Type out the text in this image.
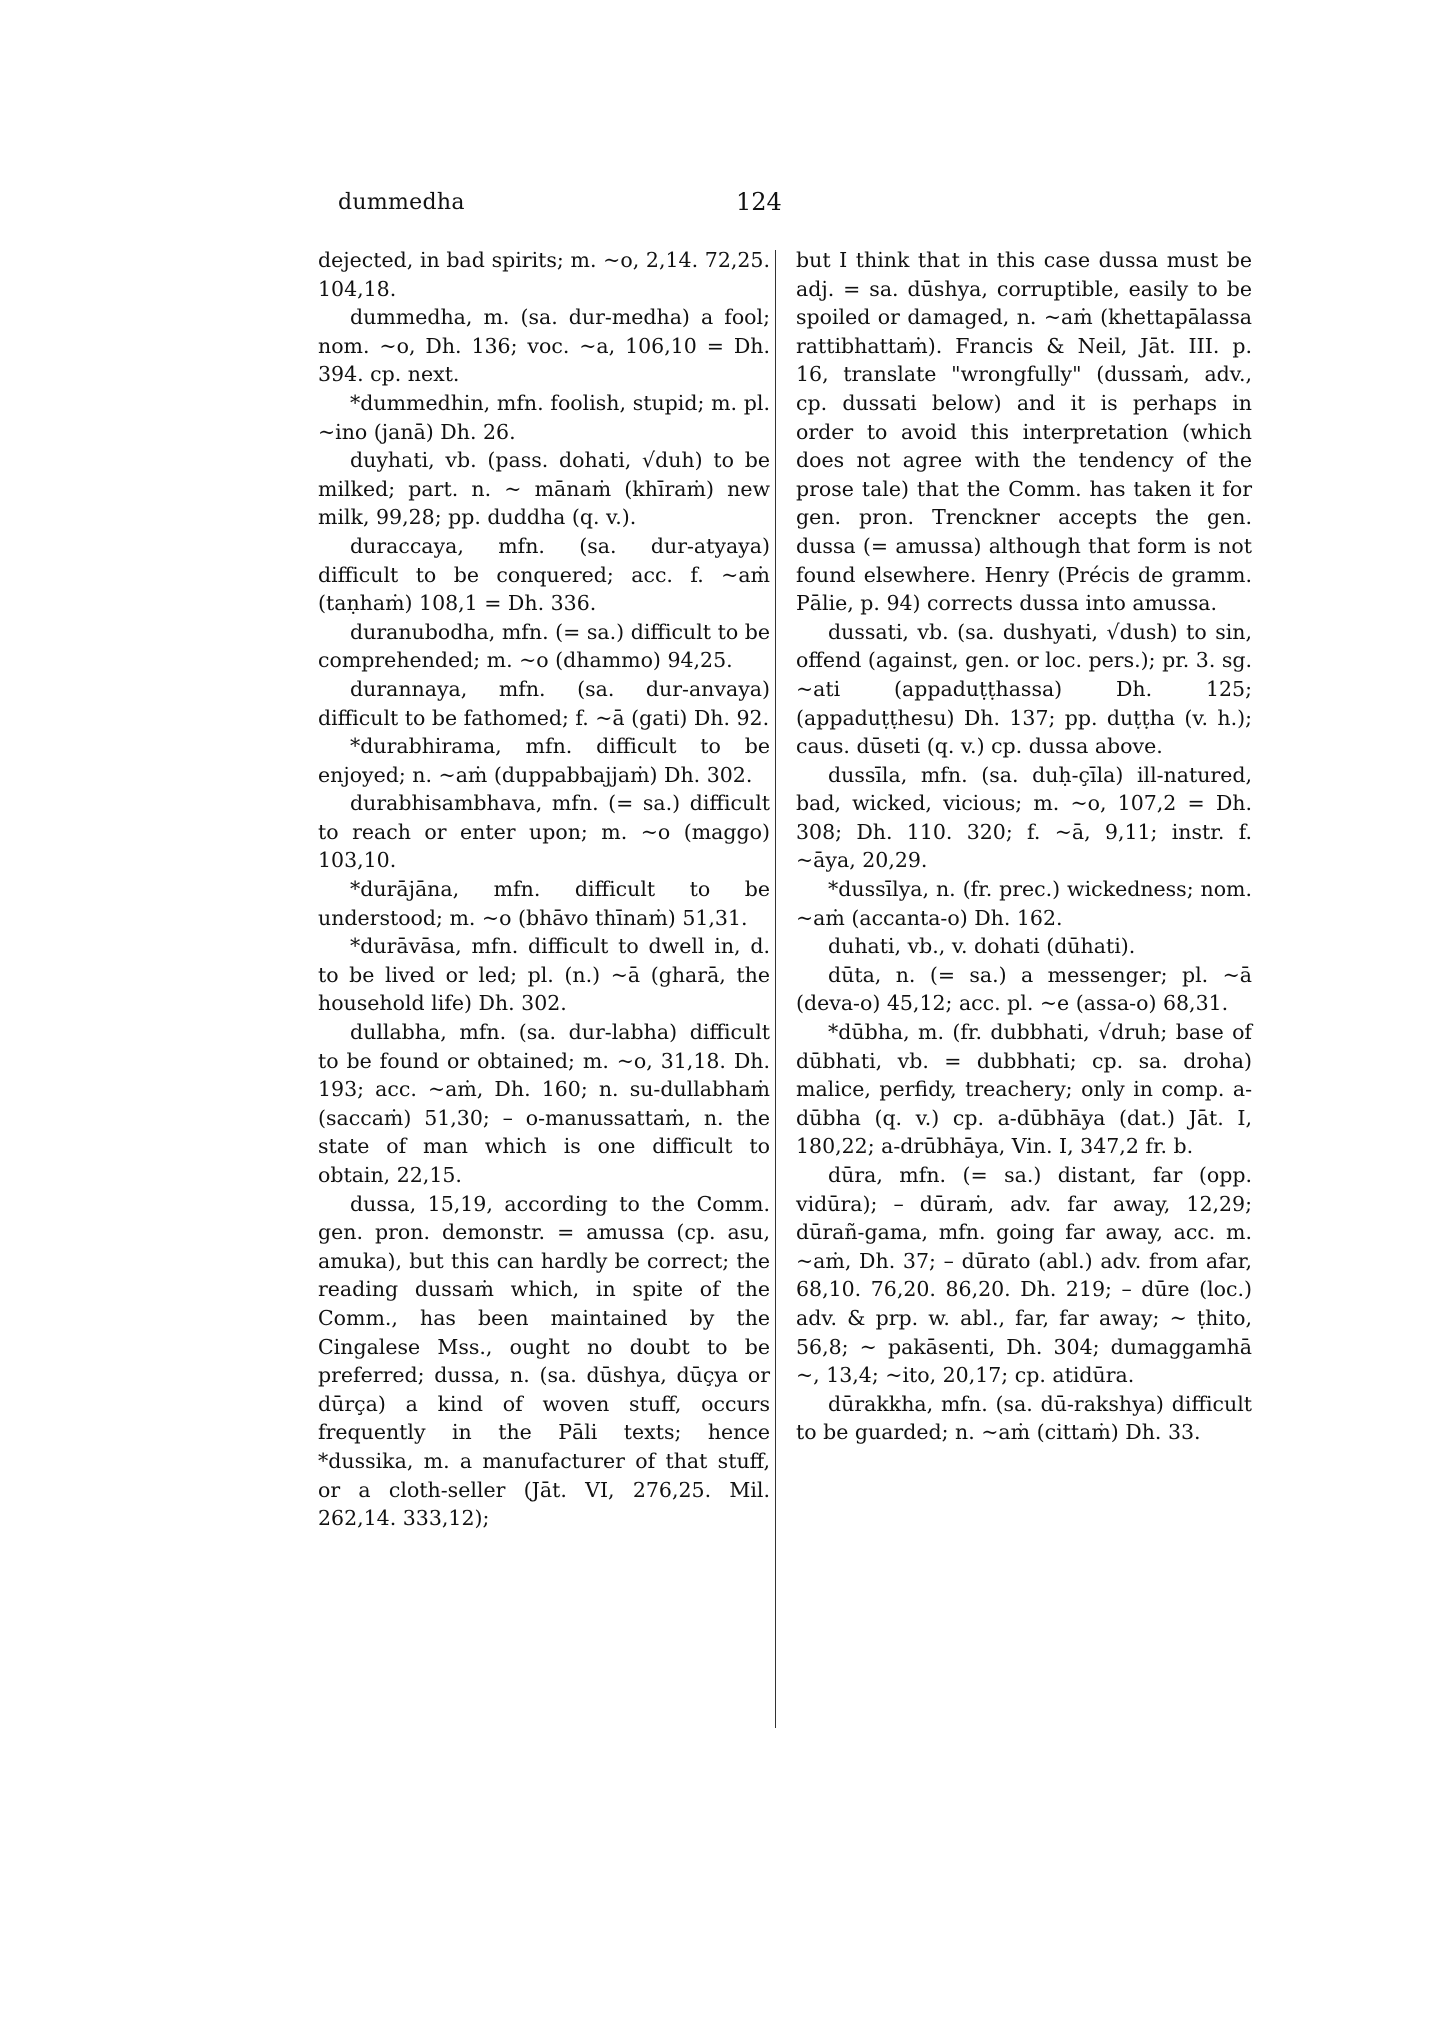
dummedha	124

dejected, in bad spirits; m. ~o, 2,14. 72,25. 104,18.

dummedha, m. (sa. dur-medha) a fool; nom. ~o, Dh. 136; voc. ~a, 106,10 = Dh. 394. cp. next.

*dummedhin, mfn. foolish, stupid; m. pl. ~ino (janā) Dh. 26.

duyhati, vb. (pass. dohati, √duh) to be milked; part. n. ~ mānaṁ (khīraṁ) new milk, 99,28; pp. duddha (q. v.).

duraccaya, mfn. (sa. dur-atyaya) difficult to be conquered; acc. f. ~aṁ (taṇhaṁ) 108,1 = Dh. 336.

duranubodha, mfn. (= sa.) difficult to be comprehended; m. ~o (dhammo) 94,25.

durannaya, mfn. (sa. dur-anvaya) difficult to be fathomed; f. ~ā (gati) Dh. 92.

*durabhirama, mfn. difficult to be enjoyed; n. ~aṁ (duppabbajjaṁ) Dh. 302.

durabhisambhava, mfn. (= sa.) difficult to reach or enter upon; m. ~o (maggo) 103,10.

*durājāna, mfn. difficult to be understood; m. ~o (bhāvo thīnaṁ) 51,31.

*durāvāsa, mfn. difficult to dwell in, d. to be lived or led; pl. (n.) ~ā (gharā, the household life) Dh. 302.

dullabha, mfn. (sa. dur-labha) difficult to be found or obtained; m. ~o, 31,18. Dh. 193; acc. ~aṁ, Dh. 160; n. su-dullabhaṁ (saccaṁ) 51,30; – o-manussattaṁ, n. the state of man which is one difficult to obtain, 22,15.

dussa, 15,19, according to the Comm. gen. pron. demonstr. = amussa (cp. asu, amuka), but this can hardly be correct; the reading dussaṁ which, in spite of the Comm., has been maintained by the Cingalese Mss., ought no doubt to be preferred; dussa, n. (sa. dūshya, dūçya or dūrça) a kind of woven stuff, occurs frequently in the Pāli texts; hence *dussika, m. a manufacturer of that stuff, or a cloth-seller (Jāt. VI, 276,25. Mil. 262,14. 333,12);

but I think that in this case dussa must be adj. = sa. dūshya, corruptible, easily to be spoiled or damaged, n. ~aṁ (khettapālassa rattibhattaṁ). Francis & Neil, Jāt. III. p. 16, translate "wrongfully" (dussaṁ, adv., cp. dussati below) and it is perhaps in order to avoid this interpretation (which does not agree with the tendency of the prose tale) that the Comm. has taken it for gen. pron. Trenckner accepts the gen. dussa (= amussa) although that form is not found elsewhere. Henry (Précis de gramm. Pālie, p. 94) corrects dussa into amussa.

dussati, vb. (sa. dushyati, √dush) to sin, offend (against, gen. or loc. pers.); pr. 3. sg. ~ati (appaduṭṭhassa) Dh. 125; (appaduṭṭhesu) Dh. 137; pp. duṭṭha (v. h.); caus. dūseti (q. v.) cp. dussa above.

dussīla, mfn. (sa. duḥ-çīla) ill-natured, bad, wicked, vicious; m. ~o, 107,2 = Dh. 308; Dh. 110. 320; f. ~ā, 9,11; instr. f. ~āya, 20,29.

*dussīlya, n. (fr. prec.) wickedness; nom. ~aṁ (accanta-o) Dh. 162.

duhati, vb., v. dohati (dūhati).

dūta, n. (= sa.) a messenger; pl. ~ā (deva-o) 45,12; acc. pl. ~e (assa-o) 68,31.

*dūbha, m. (fr. dubbhati, √druh; base of dūbhati, vb. = dubbhati; cp. sa. droha) malice, perfidy, treachery; only in comp. a-dūbha (q. v.) cp. a-dūbhāya (dat.) Jāt. I, 180,22; a-drūbhāya, Vin. I, 347,2 fr. b.

dūra, mfn. (= sa.) distant, far (opp. vidūra); – dūraṁ, adv. far away, 12,29; dūrañ-gama, mfn. going far away, acc. m. ~aṁ, Dh. 37; – dūrato (abl.) adv. from afar, 68,10. 76,20. 86,20. Dh. 219; – dūre (loc.) adv. & prp. w. abl., far, far away; ~ ṭhito, 56,8; ~ pakāsenti, Dh. 304; dumaggamhā ~, 13,4; ~ito, 20,17; cp. atidūra.

dūrakkha, mfn. (sa. dū-rakshya) difficult to be guarded; n. ~aṁ (cittaṁ) Dh. 33.
